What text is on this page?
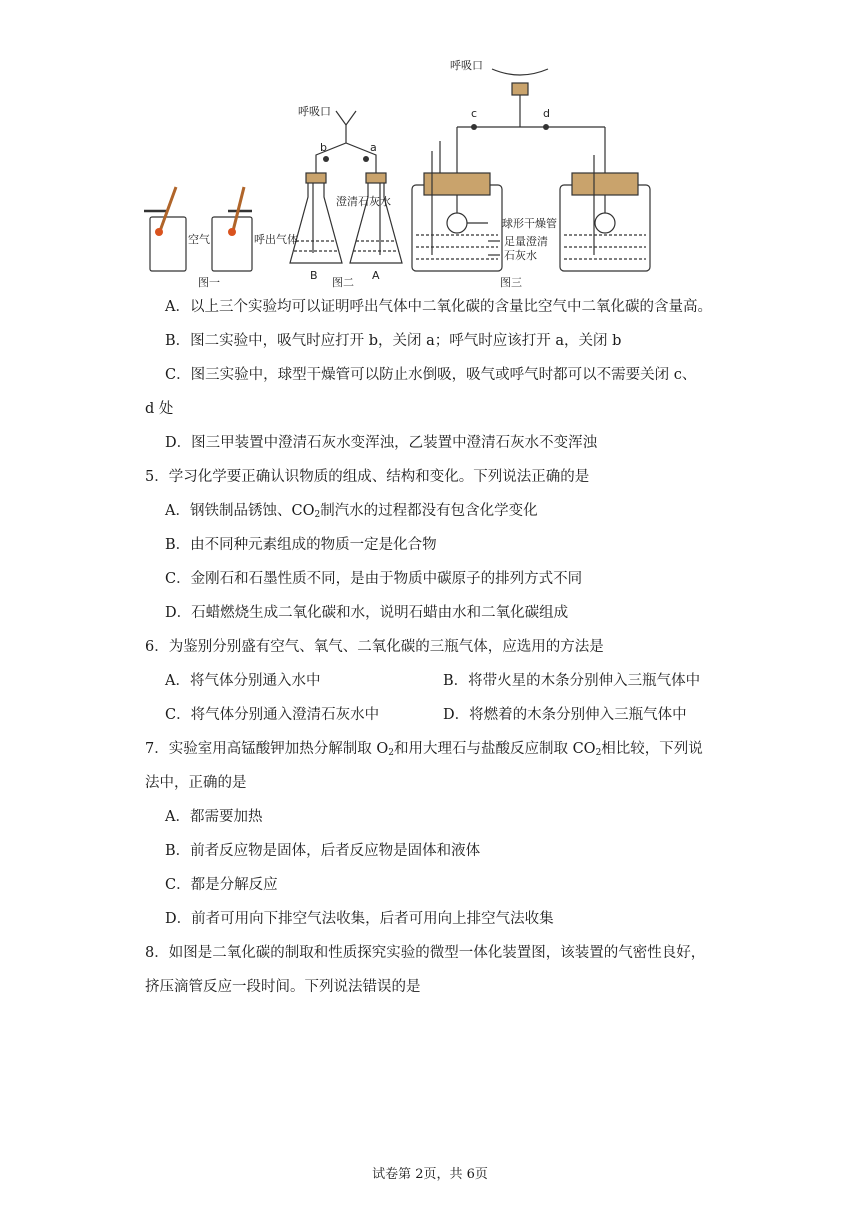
呼吸口
呼吸口
b	a
c	d
空气	呼出气体
澄清石灰水
B	A
球形干燥管
足量澄清
石灰水
图一	图二	图三
A．以上三个实验均可以证明呼出气体中二氧化碳的含量比空气中二氧化碳的含量高。
B．图二实验中，吸气时应打开 b，关闭 a；呼气时应该打开 a，关闭 b
C．图三实验中，球型干燥管可以防止水倒吸，吸气或呼气时都可以不需要关闭 c、
d 处
D．图三甲装置中澄清石灰水变浑浊，乙装置中澄清石灰水不变浑浊
5．学习化学要正确认识物质的组成、结构和变化。下列说法正确的是
A．钢铁制品锈蚀、$CO_2$制汽水的过程都没有包含化学变化
B．由不同种元素组成的物质一定是化合物
C．金刚石和石墨性质不同，是由于物质中碳原子的排列方式不同
D．石蜡燃烧生成二氧化碳和水，说明石蜡由水和二氧化碳组成
6．为鉴别分别盛有空气、氧气、二氧化碳的三瓶气体，应选用的方法是
A．将气体分别通入水中	B．将带火星的木条分别伸入三瓶气体中
C．将气体分别通入澄清石灰水中	D．将燃着的木条分别伸入三瓶气体中
7．实验室用高锰酸钾加热分解制取 $O_2$和用大理石与盐酸反应制取 $CO_2$相比较，下列说
法中，正确的是
A．都需要加热
B．前者反应物是固体，后者反应物是固体和液体
C．都是分解反应
D．前者可用向下排空气法收集，后者可用向上排空气法收集
8．如图是二氧化碳的制取和性质探究实验的微型一体化装置图，该装置的气密性良好，
挤压滴管反应一段时间。下列说法错误的是
试卷第 2页，共 6页
